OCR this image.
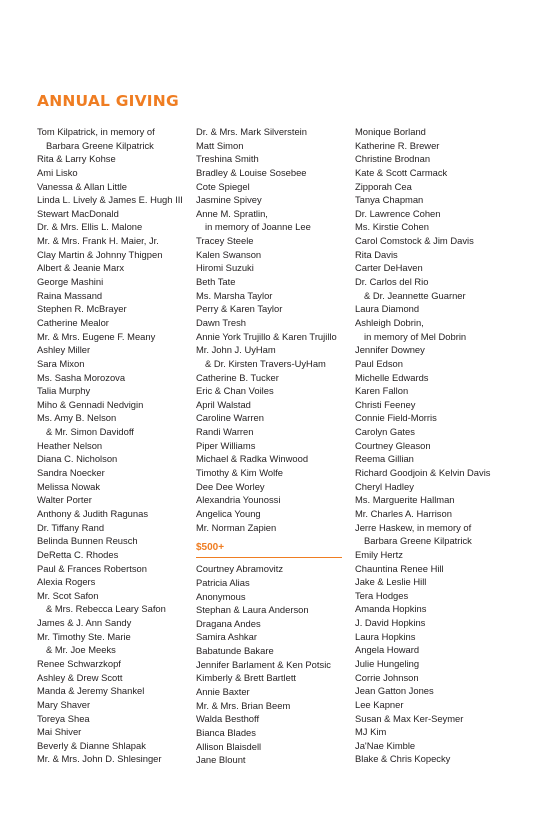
ANNUAL GIVING
Tom Kilpatrick, in memory of
Barbara Greene Kilpatrick
Rita & Larry Kohse
Ami Lisko
Vanessa & Allan Little
Linda L. Lively & James E. Hugh III
Stewart MacDonald
Dr. & Mrs. Ellis L. Malone
Mr. & Mrs. Frank H. Maier, Jr.
Clay Martin & Johnny Thigpen
Albert & Jeanie Marx
George Mashini
Raina Massand
Stephen R. McBrayer
Catherine Mealor
Mr. & Mrs. Eugene F. Meany
Ashley Miller
Sara Mixon
Ms. Sasha Morozova
Talia Murphy
Miho & Gennadi Nedvigin
Ms. Amy B. Nelson
& Mr. Simon Davidoff
Heather Nelson
Diana C. Nicholson
Sandra Noecker
Melissa Nowak
Walter Porter
Anthony & Judith Ragunas
Dr. Tiffany Rand
Belinda Bunnen Reusch
DeRetta C. Rhodes
Paul & Frances Robertson
Alexia Rogers
Mr. Scot Safon
& Mrs. Rebecca Leary Safon
James & J. Ann Sandy
Mr. Timothy Ste. Marie
& Mr. Joe Meeks
Renee Schwarzkopf
Ashley & Drew Scott
Manda & Jeremy Shankel
Mary Shaver
Toreya Shea
Mai Shiver
Beverly & Dianne Shlapak
Mr. & Mrs. John D. Shlesinger
Dr. & Mrs. Mark Silverstein
Matt Simon
Treshina Smith
Bradley & Louise Sosebee
Cote Spiegel
Jasmine Spivey
Anne M. Spratlin,
in memory of Joanne Lee
Tracey Steele
Kalen Swanson
Hiromi Suzuki
Beth Tate
Ms. Marsha Taylor
Perry & Karen Taylor
Dawn Tresh
Annie York Trujillo & Karen Trujillo
Mr. John J. UyHam
& Dr. Kirsten Travers-UyHam
Catherine B. Tucker
Eric & Chan Voiles
April Walstad
Caroline Warren
Randi Warren
Piper Williams
Michael & Radka Winwood
Timothy & Kim Wolfe
Dee Dee Worley
Alexandria Younossi
Angelica Young
Mr. Norman Zapien
$500+
Courtney Abramovitz
Patricia Alias
Anonymous
Stephan & Laura Anderson
Dragana Andes
Samira Ashkar
Babatunde Bakare
Jennifer Barlament & Ken Potsic
Kimberly & Brett Bartlett
Annie Baxter
Mr. & Mrs. Brian Beem
Walda Besthoff
Bianca Blades
Allison Blaisdell
Jane Blount
Monique Borland
Katherine R. Brewer
Christine Brodnan
Kate & Scott Carmack
Zipporah Cea
Tanya Chapman
Dr. Lawrence Cohen
Ms. Kirstie Cohen
Carol Comstock & Jim Davis
Rita Davis
Carter DeHaven
Dr. Carlos del Rio
& Dr. Jeannette Guarner
Laura Diamond
Ashleigh Dobrin,
in memory of Mel Dobrin
Jennifer Downey
Paul Edson
Michelle Edwards
Karen Fallon
Christi Feeney
Connie Field-Morris
Carolyn Gates
Courtney Gleason
Reema Gillian
Richard Goodjoin & Kelvin Davis
Cheryl Hadley
Ms. Marguerite Hallman
Mr. Charles A. Harrison
Jerre Haskew, in memory of
Barbara Greene Kilpatrick
Emily Hertz
Chauntina Renee Hill
Jake & Leslie Hill
Tera Hodges
Amanda Hopkins
J. David Hopkins
Laura Hopkins
Angela Howard
Julie Hungeling
Corrie Johnson
Jean Gatton Jones
Lee Kapner
Susan & Max Ker-Seymer
MJ Kim
Ja'Nae Kimble
Blake & Chris Kopecky
